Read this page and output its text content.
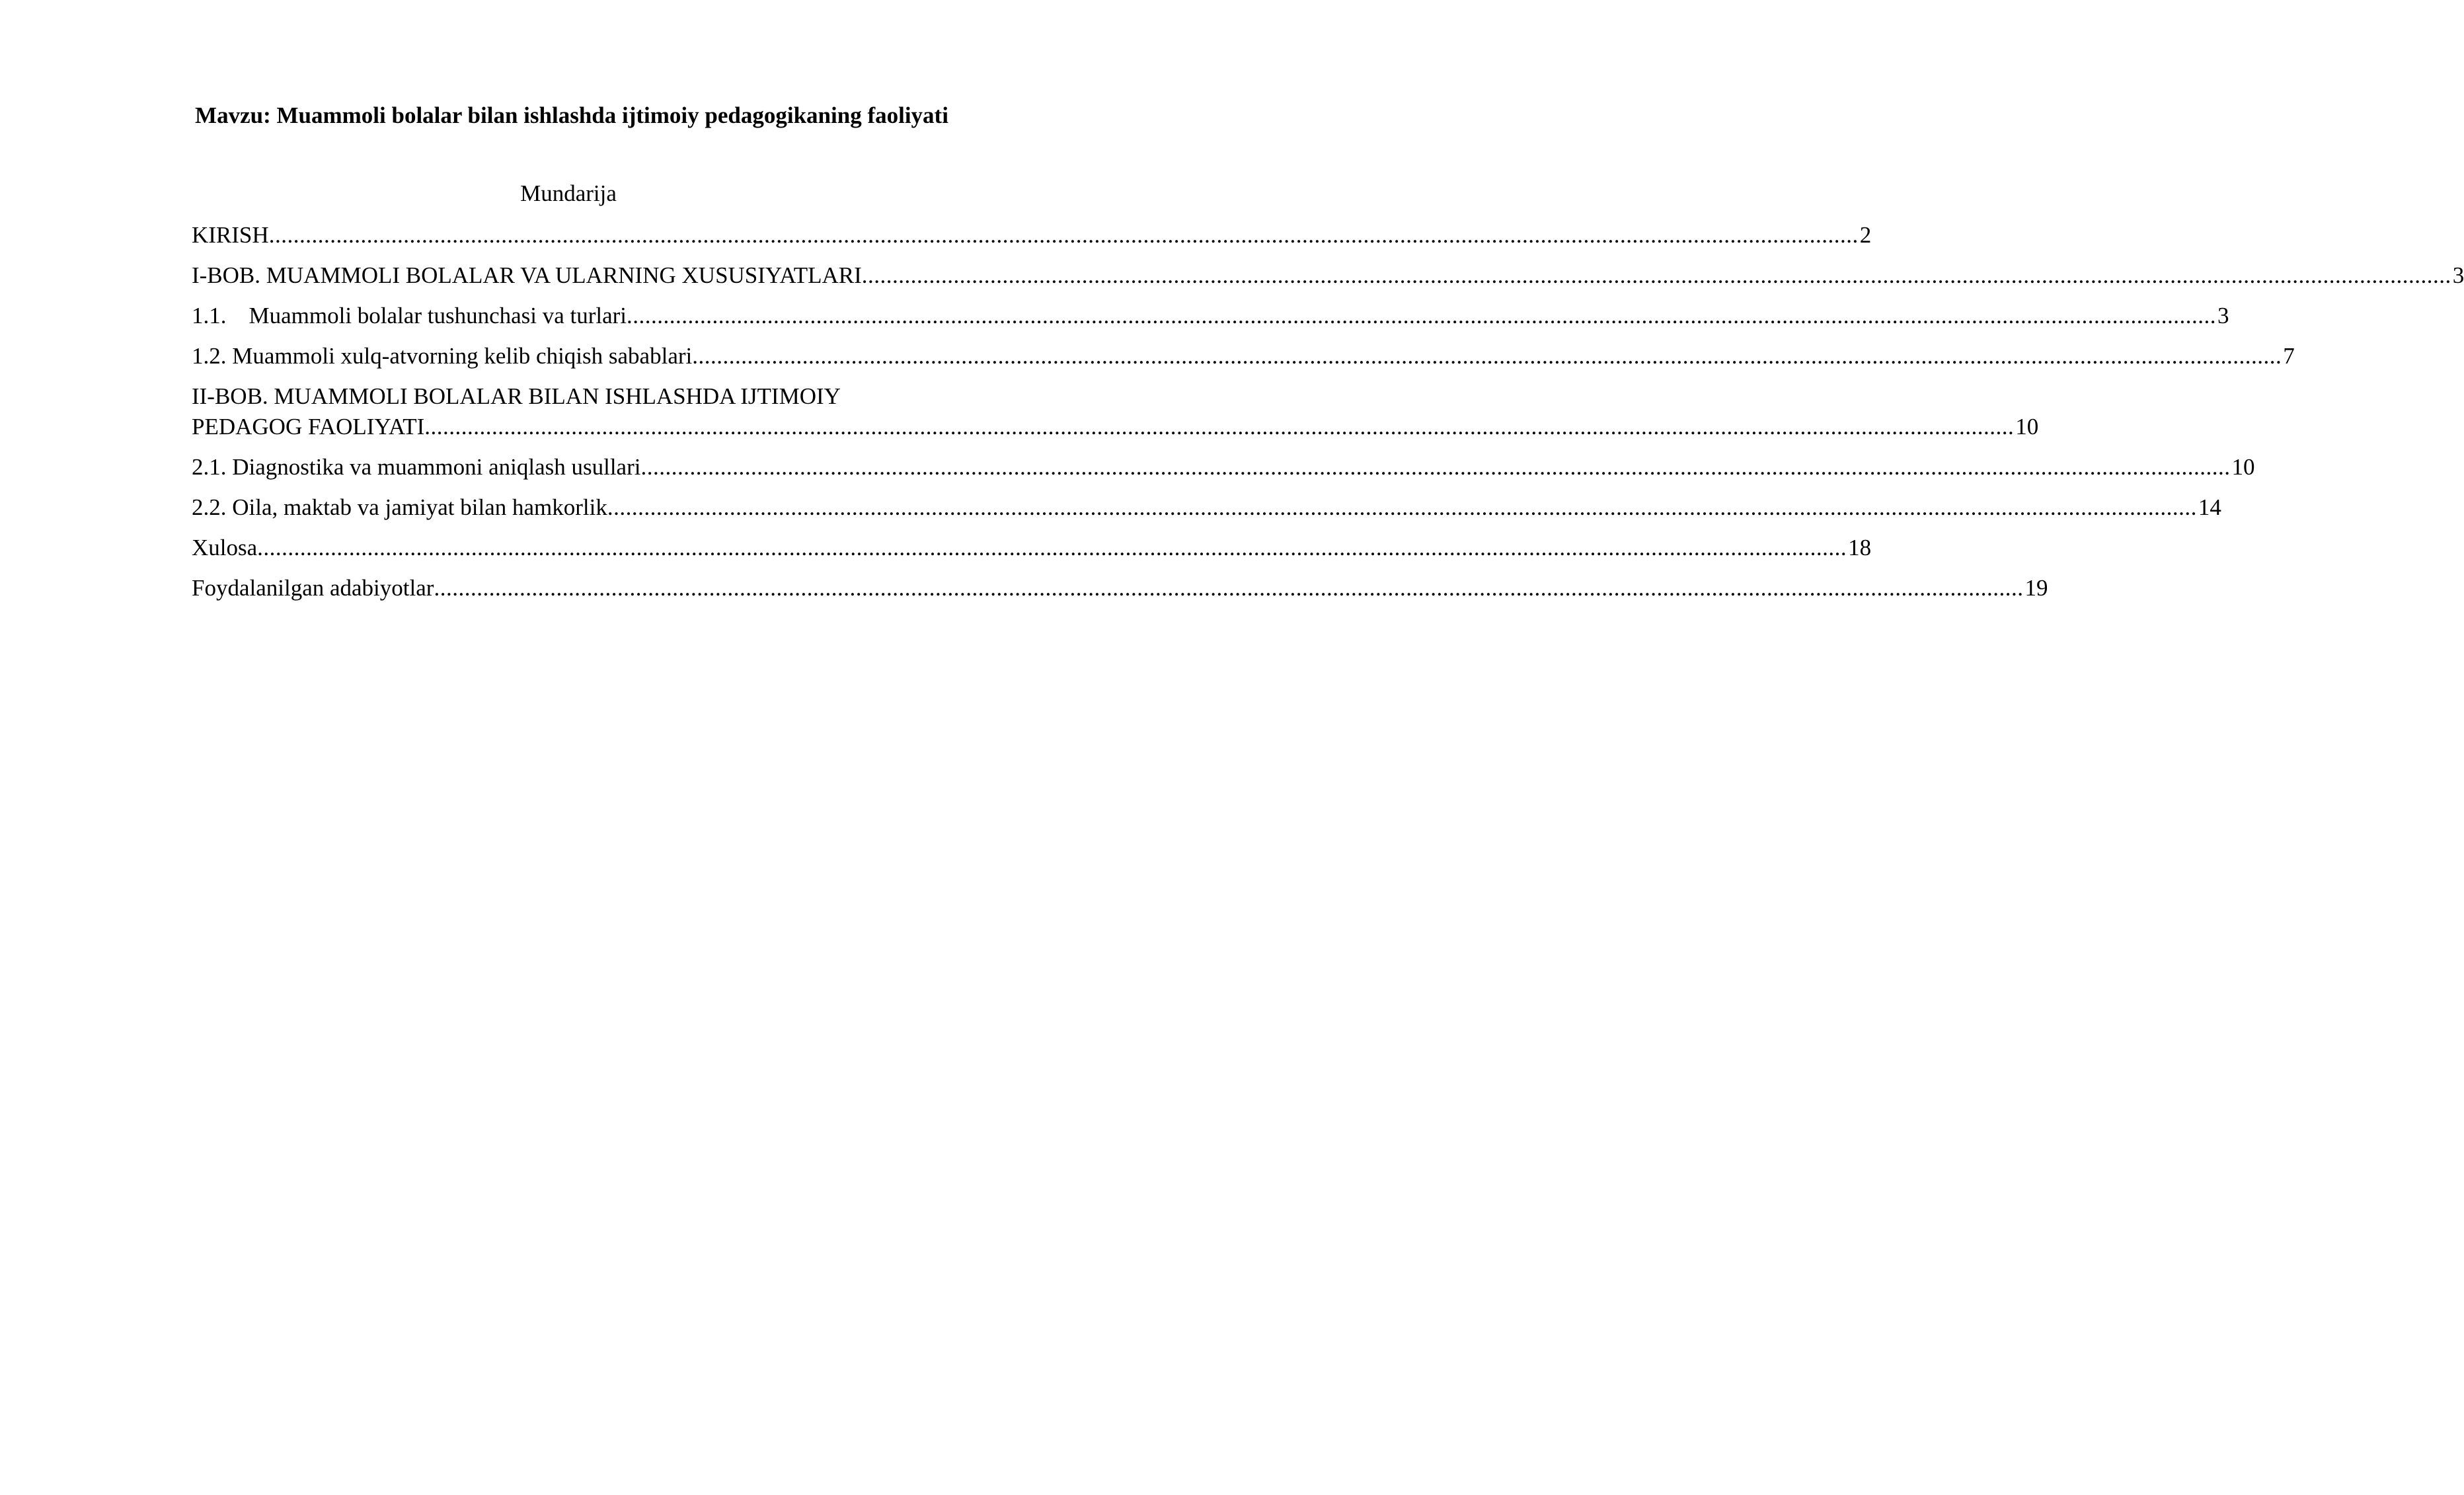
Mavzu: Muammoli bolalar bilan ishlashda ijtimoiy pedagogikaning faoliyati
Mundarija
KIRISH .................................................................................................................................................................................................................................................................... 2
I-BOB. MUAMMOLI BOLALAR VA ULARNING XUSUSIYATLARI .................................................................................................................................................................................................................................................................... 3
1.1. Muammoli bolalar tushunchasi va turlari .................................................................................................................................................................................................................................................................... 3
1.2. Muammoli xulq-atvorning kelib chiqish sabablari .................................................................................................................................................................................................................................................................... 7
II-BOB. MUAMMOLI BOLALAR BILAN ISHLASHDA IJTIMOIY
PEDAGOG FAOLIYATI .................................................................................................................................................................................................................................................................... 10
2.1. Diagnostika va muammoni aniqlash usullari .................................................................................................................................................................................................................................................................... 10
2.2. Oila, maktab va jamiyat bilan hamkorlik .................................................................................................................................................................................................................................................................... 14
Xulosa .................................................................................................................................................................................................................................................................... 18
Foydalanilgan adabiyotlar .................................................................................................................................................................................................................................................................... 19
